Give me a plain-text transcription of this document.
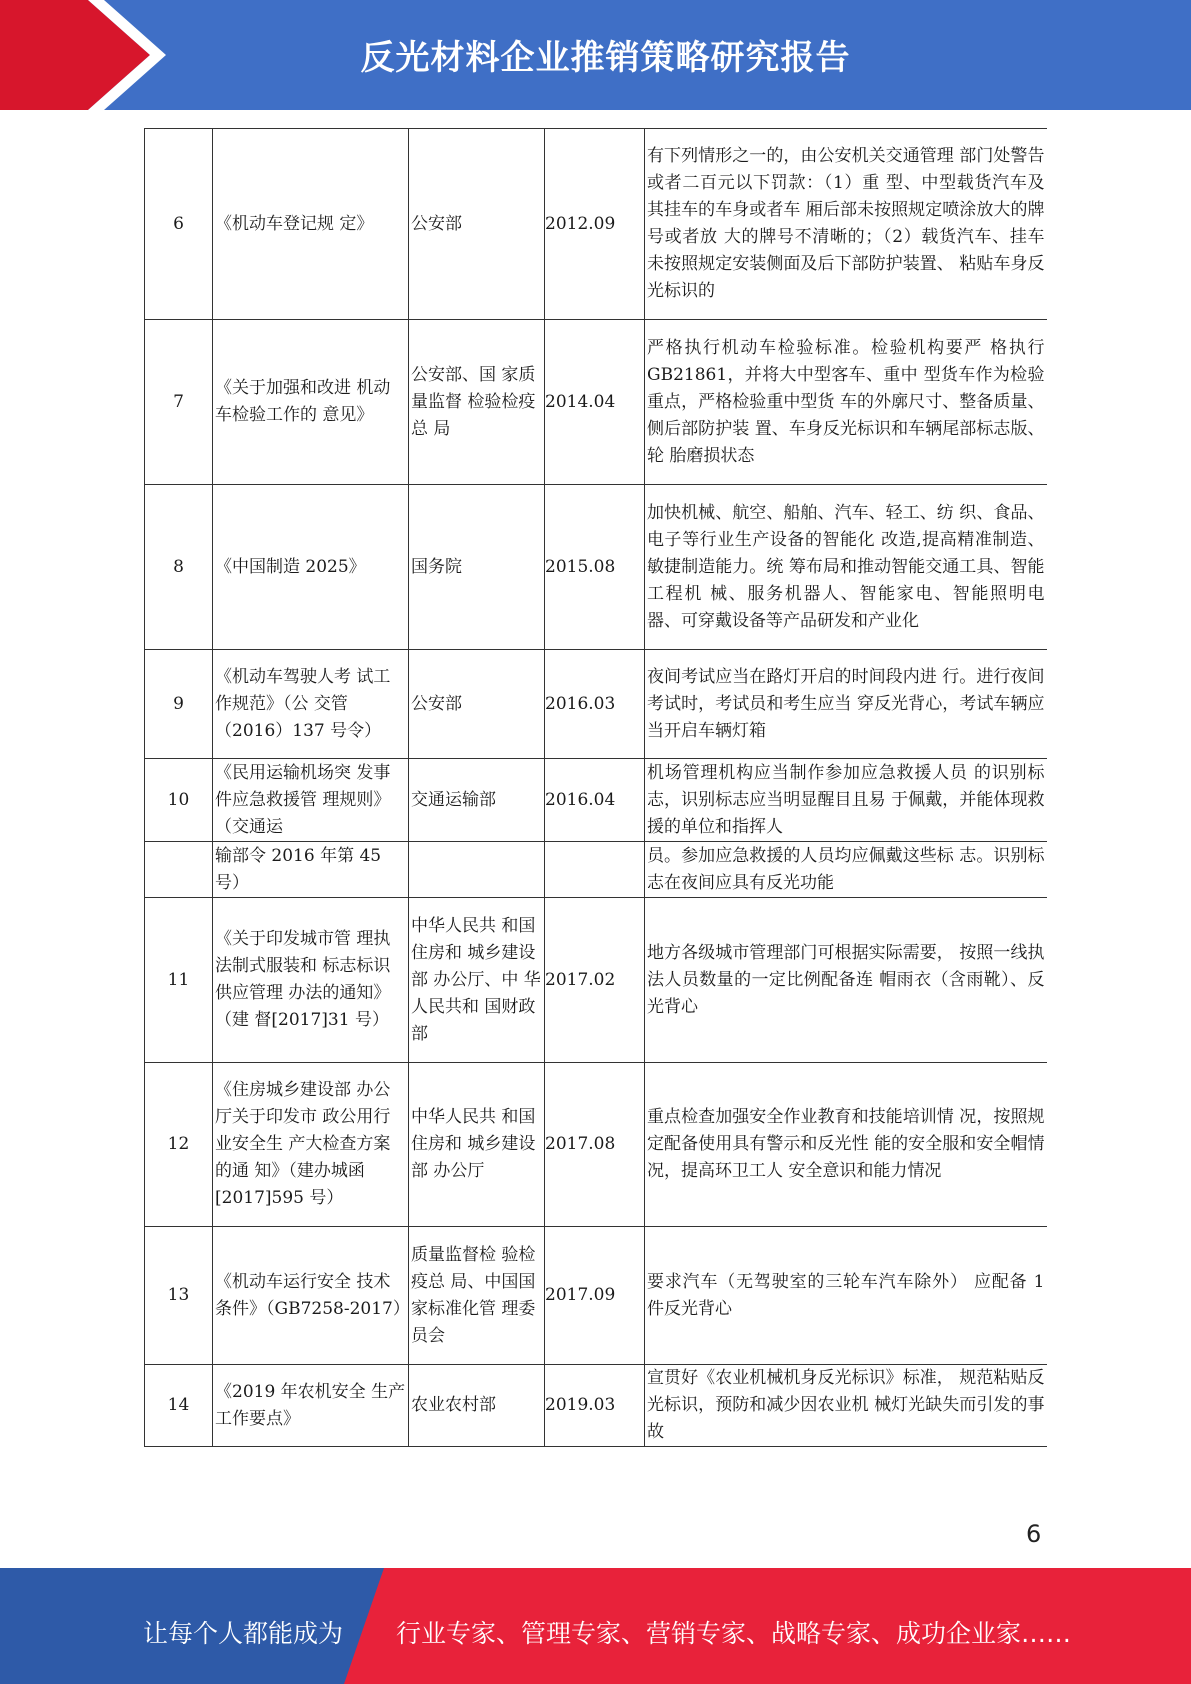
反光材料企业推销策略研究报告
6	《机动车登记规 定》	公安部	2012.09	有下列情形之一的，由公安机关交通管理 部门处警告或者二百元以下罚款：（1）重 型、中型载货汽车及其挂车的车身或者车 厢后部未按照规定喷涂放大的牌号或者放 大的牌号不清晰的；（2）载货汽车、挂车 未按照规定安装侧面及后下部防护装置、 粘贴车身反光标识的
7	《关于加强和改进 机动车检验工作的 意见》	公安部、国 家质量监督 检验检疫总 局	2014.04	严格执行机动车检验标准。检验机构要严 格执行 GB21861，并将大中型客车、重中 型货车作为检验重点，严格检验重中型货 车的外廓尺寸、整备质量、侧后部防护装 置、车身反光标识和车辆尾部标志版、轮 胎磨损状态
8	《中国制造 2025》	国务院	2015.08	加快机械、航空、船舶、汽车、轻工、纺 织、食品、电子等行业生产设备的智能化 改造,提高精准制造、敏捷制造能力。统 筹布局和推动智能交通工具、智能工程机 械、服务机器人、智能家电、智能照明电 器、可穿戴设备等产品研发和产业化
9	《机动车驾驶人考 试工作规范》（公 交管（2016）137 号令）	公安部	2016.03	夜间考试应当在路灯开启的时间段内进 行。进行夜间考试时，考试员和考生应当 穿反光背心，考试车辆应当开启车辆灯箱
10	《民用运输机场突 发事件应急救援管 理规则》（交通运	交通运输部	2016.04	机场管理机构应当制作参加应急救援人员 的识别标志，识别标志应当明显醒目且易 于佩戴，并能体现救援的单位和指挥人
	输部令 2016 年第 45 号）			员。参加应急救援的人员均应佩戴这些标 志。识别标志在夜间应具有反光功能
11	《关于印发城市管 理执法制式服装和 标志标识供应管理 办法的通知》（建 督[2017]31 号）	中华人民共 和国住房和 城乡建设部 办公厅、中 华人民共和 国财政部	2017.02	地方各级城市管理部门可根据实际需要， 按照一线执法人员数量的一定比例配备连 帽雨衣（含雨靴）、反光背心
12	《住房城乡建设部 办公厅关于印发市 政公用行业安全生 产大检查方案的通 知》（建办城函 [2017]595 号）	中华人民共 和国住房和 城乡建设部 办公厅	2017.08	重点检查加强安全作业教育和技能培训情 况，按照规定配备使用具有警示和反光性 能的安全服和安全帽情况，提高环卫工人 安全意识和能力情况
13	《机动车运行安全 技术条件》（GB7258-2017）	质量监督检 验检疫总 局、中国国 家标准化管 理委员会	2017.09	要求汽车（无驾驶室的三轮车汽车除外） 应配备 1 件反光背心
14	《2019 年农机安全 生产工作要点》	农业农村部	2019.03	宣贯好《农业机械机身反光标识》标准， 规范粘贴反光标识，预防和减少因农业机 械灯光缺失而引发的事故
6
让每个人都能成为 行业专家、管理专家、营销专家、战略专家、成功企业家……
